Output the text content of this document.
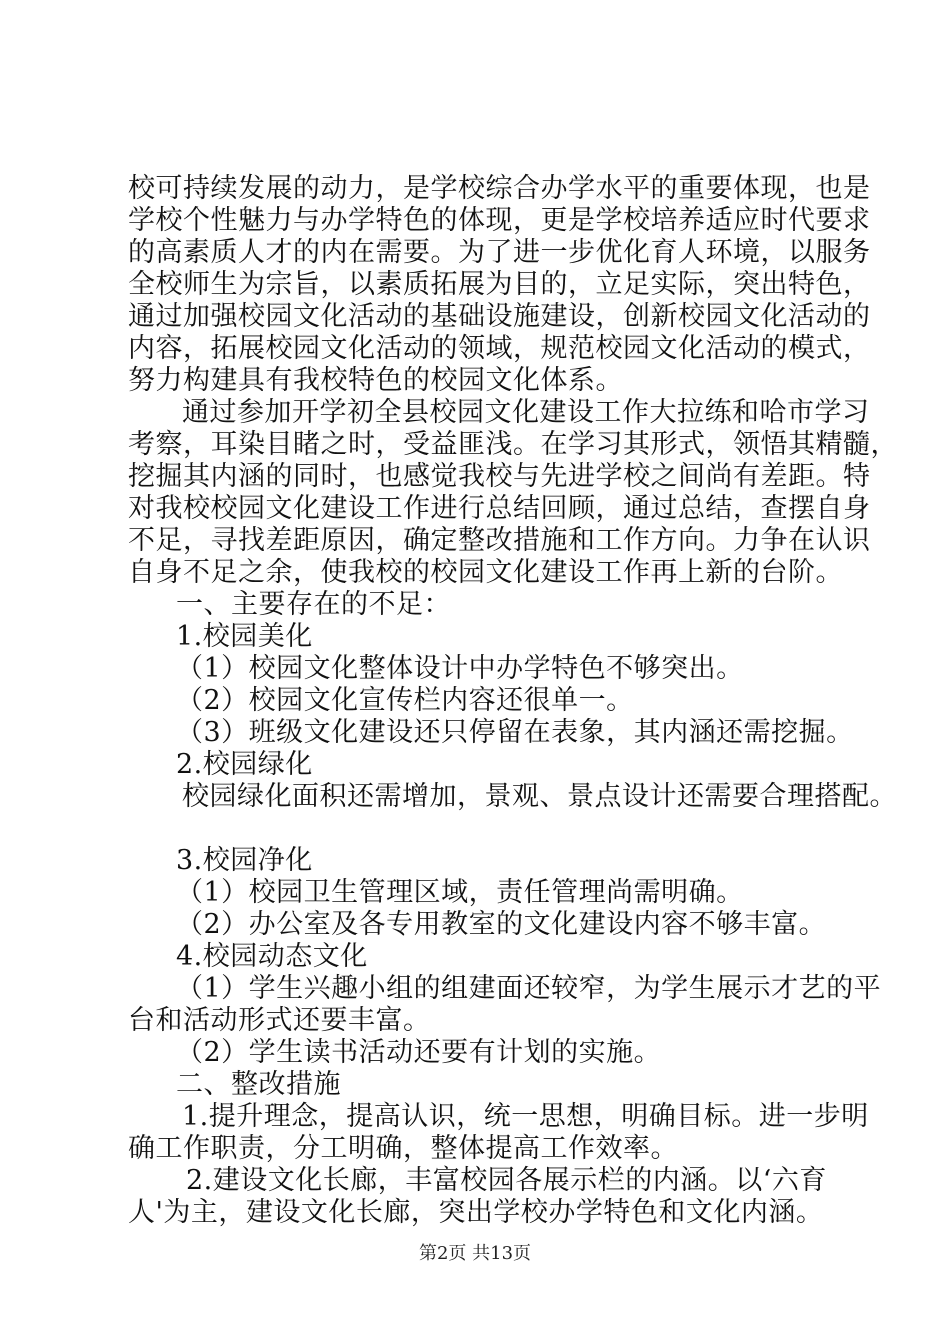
校可持续发展的动力，是学校综合办学水平的重要体现，也是
学校个性魅力与办学特色的体现，更是学校培养适应时代要求
的高素质人才的内在需要。为了进一步优化育人环境，以服务
全校师生为宗旨，以素质拓展为目的，立足实际，突出特色，
通过加强校园文化活动的基础设施建设，创新校园文化活动的
内容，拓展校园文化活动的领域，规范校园文化活动的模式，
努力构建具有我校特色的校园文化体系。
通过参加开学初全县校园文化建设工作大拉练和哈市学习
考察，耳染目睹之时，受益匪浅。在学习其形式，领悟其精髓，
挖掘其内涵的同时，也感觉我校与先进学校之间尚有差距。特
对我校校园文化建设工作进行总结回顾，通过总结，查摆自身
不足，寻找差距原因，确定整改措施和工作方向。力争在认识
自身不足之余，使我校的校园文化建设工作再上新的台阶。
一、主要存在的不足：
1.校园美化
（1）校园文化整体设计中办学特色不够突出。
（2）校园文化宣传栏内容还很单一。
（3）班级文化建设还只停留在表象，其内涵还需挖掘。
2.校园绿化
校园绿化面积还需增加，景观、景点设计还需要合理搭配。
3.校园净化
（1）校园卫生管理区域，责任管理尚需明确。
（2）办公室及各专用教室的文化建设内容不够丰富。
4.校园动态文化
（1）学生兴趣小组的组建面还较窄，为学生展示才艺的平
台和活动形式还要丰富。
（2）学生读书活动还要有计划的实施。
二、整改措施
1.提升理念，提高认识，统一思想，明确目标。进一步明
确工作职责，分工明确，整体提高工作效率。
2.建设文化长廊，丰富校园各展示栏的内涵。以‘六育
人'为主，建设文化长廊，突出学校办学特色和文化内涵。
第2页 共13页
